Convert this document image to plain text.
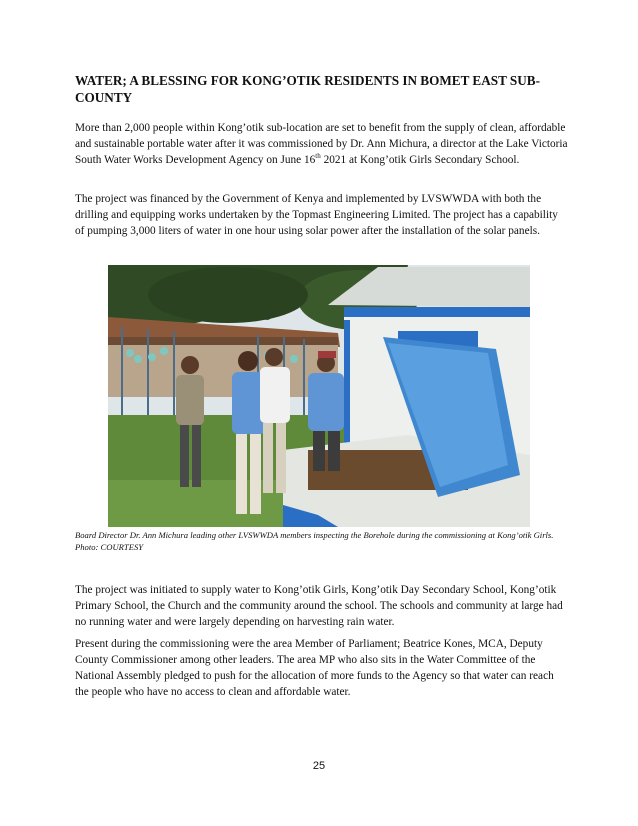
WATER; A BLESSING FOR KONG’OTIK RESIDENTS IN BOMET EAST SUB-COUNTY

More than 2,000 people within Kong’otik sub-location are set to benefit from the supply of clean, affordable and sustainable portable water after it was commissioned by Dr. Ann Michura, a director at the Lake Victoria South Water Works Development Agency on June 16th 2021 at Kong’otik Girls Secondary School.

The project was financed by the Government of Kenya and implemented by LVSWWDA with both the drilling and equipping works undertaken by the Topmast Engineering Limited. The project has a capability of pumping 3,000 liters of water in one hour using solar power after the installation of the solar panels.

Board Director Dr. Ann Michura leading other LVSWWDA members inspecting the Borehole during the commissioning at Kong’otik Girls.
Photo: COURTESY

The project was initiated to supply water to Kong’otik Girls, Kong’otik Day Secondary School, Kong’otik Primary School, the Church and the community around the school. The schools and community at large had no running water and were largely depending on harvesting rain water.

Present during the commissioning were the area Member of Parliament; Beatrice Kones, MCA, Deputy County Commissioner among other leaders. The area MP who also sits in the Water Committee of the National Assembly pledged to push for the allocation of more funds to the Agency so that water can reach the people who have no access to clean and affordable water.

25
